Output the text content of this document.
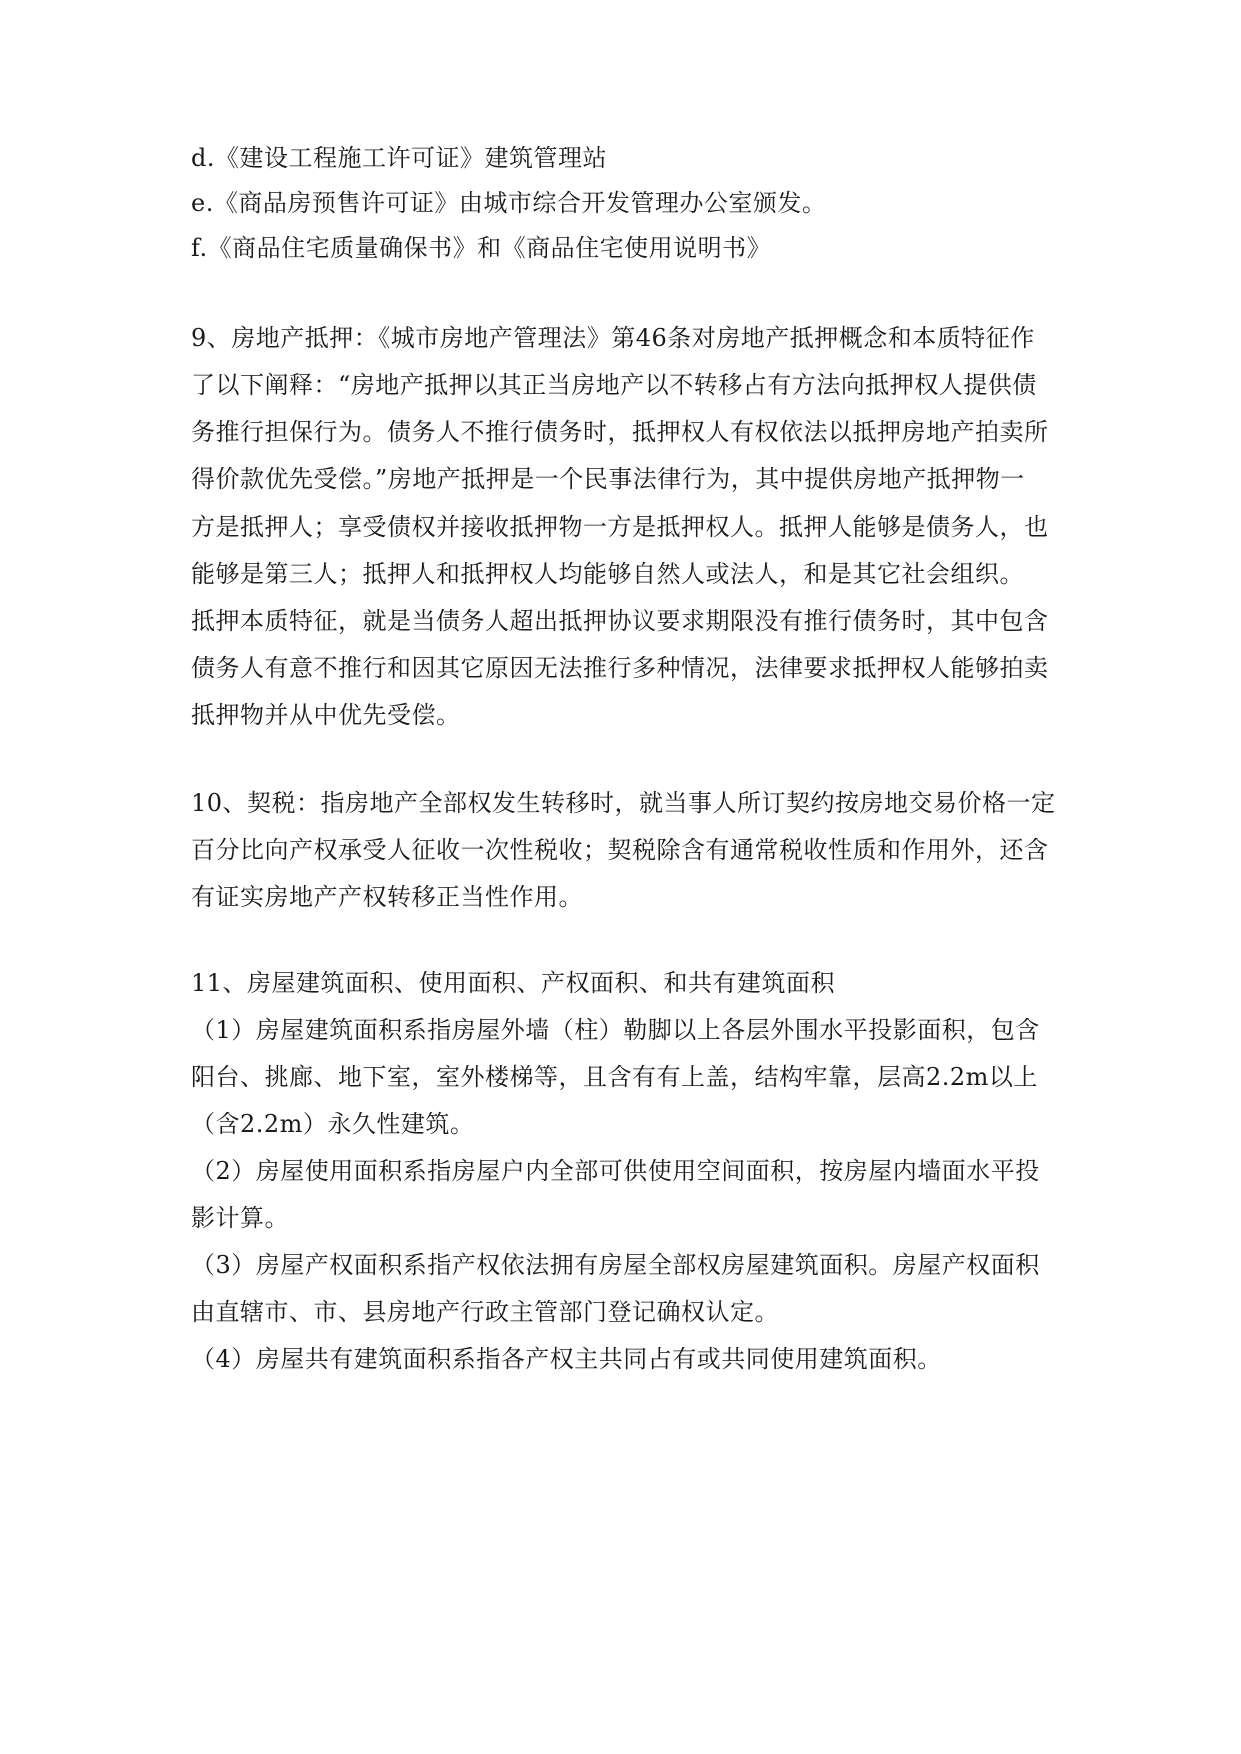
d.《建设工程施工许可证》建筑管理站
e.《商品房预售许可证》由城市综合开发管理办公室颁发。
f.《商品住宅质量确保书》和《商品住宅使用说明书》
9、房地产抵押：《城市房地产管理法》第46条对房地产抵押概念和本质特征作
了以下阐释：“房地产抵押以其正当房地产以不转移占有方法向抵押权人提供债
务推行担保行为。债务人不推行债务时，抵押权人有权依法以抵押房地产拍卖所
得价款优先受偿。”房地产抵押是一个民事法律行为，其中提供房地产抵押物一
方是抵押人；享受债权并接收抵押物一方是抵押权人。抵押人能够是债务人，也
能够是第三人；抵押人和抵押权人均能够自然人或法人，和是其它社会组织。
抵押本质特征，就是当债务人超出抵押协议要求期限没有推行债务时，其中包含
债务人有意不推行和因其它原因无法推行多种情况，法律要求抵押权人能够拍卖
抵押物并从中优先受偿。
10、契税：指房地产全部权发生转移时，就当事人所订契约按房地交易价格一定
百分比向产权承受人征收一次性税收；契税除含有通常税收性质和作用外，还含
有证实房地产产权转移正当性作用。
11、房屋建筑面积、使用面积、产权面积、和共有建筑面积
（1）房屋建筑面积系指房屋外墙（柱）勒脚以上各层外围水平投影面积，包含
阳台、挑廊、地下室，室外楼梯等，且含有有上盖，结构牢靠，层高2.2m以上
（含2.2m）永久性建筑。
（2）房屋使用面积系指房屋户内全部可供使用空间面积，按房屋内墙面水平投
影计算。
（3）房屋产权面积系指产权依法拥有房屋全部权房屋建筑面积。房屋产权面积
由直辖市、市、县房地产行政主管部门登记确权认定。
（4）房屋共有建筑面积系指各产权主共同占有或共同使用建筑面积。
